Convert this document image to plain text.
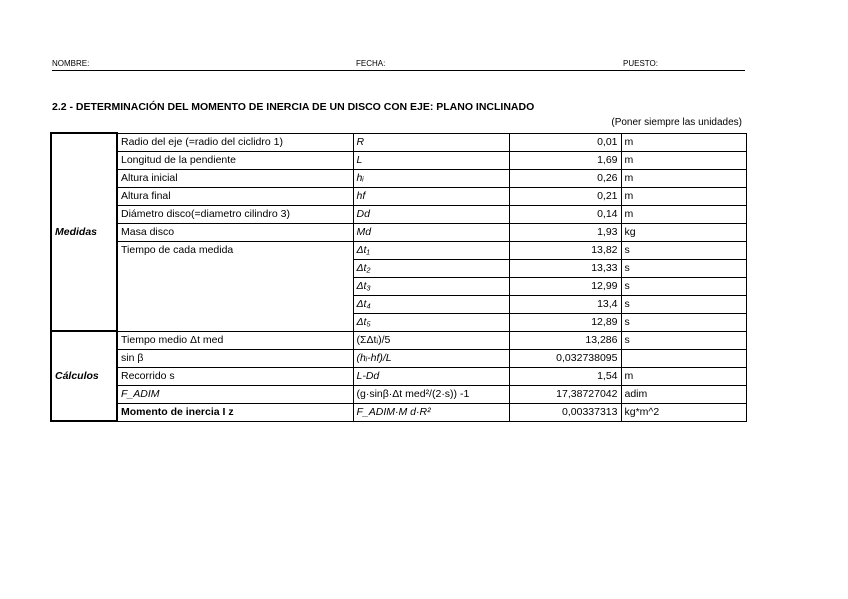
NOMBRE:	FECHA:	PUESTO:
2.2 - DETERMINACIÓN DEL MOMENTO DE INERCIA DE UN DISCO CON EJE: PLANO INCLINADO
(Poner siempre las unidades)
Medidas	Radio del eje (=radio del ciclidro 1)	R	0,01	m
	Longitud de la pendiente	L	1,69	m
	Altura inicial	hᵢ	0,26	m
	Altura final	hf	0,21	m
	Diámetro disco(=diametro cilindro 3)	Dd	0,14	m
	Masa disco	Md	1,93	kg
	Tiempo de cada medida	Δt₁	13,82	s
		Δt₂	13,33	s
		Δt₃	12,99	s
		Δt₄	13,4	s
		Δt₅	12,89	s
Cálculos	Tiempo medio Δt med	(ΣΔtᵢ)/5	13,286	s
	sin β	(hᵢ-hf)/L	0,032738095	
	Recorrido s	L-Dd	1,54	m
	F_ADIM	(g·sinβ·Δt med²/(2·s)) -1	17,38727042	adim
	Momento de inercia I z	F_ADIM·M d·R²	0,00337313	kg*m^2
